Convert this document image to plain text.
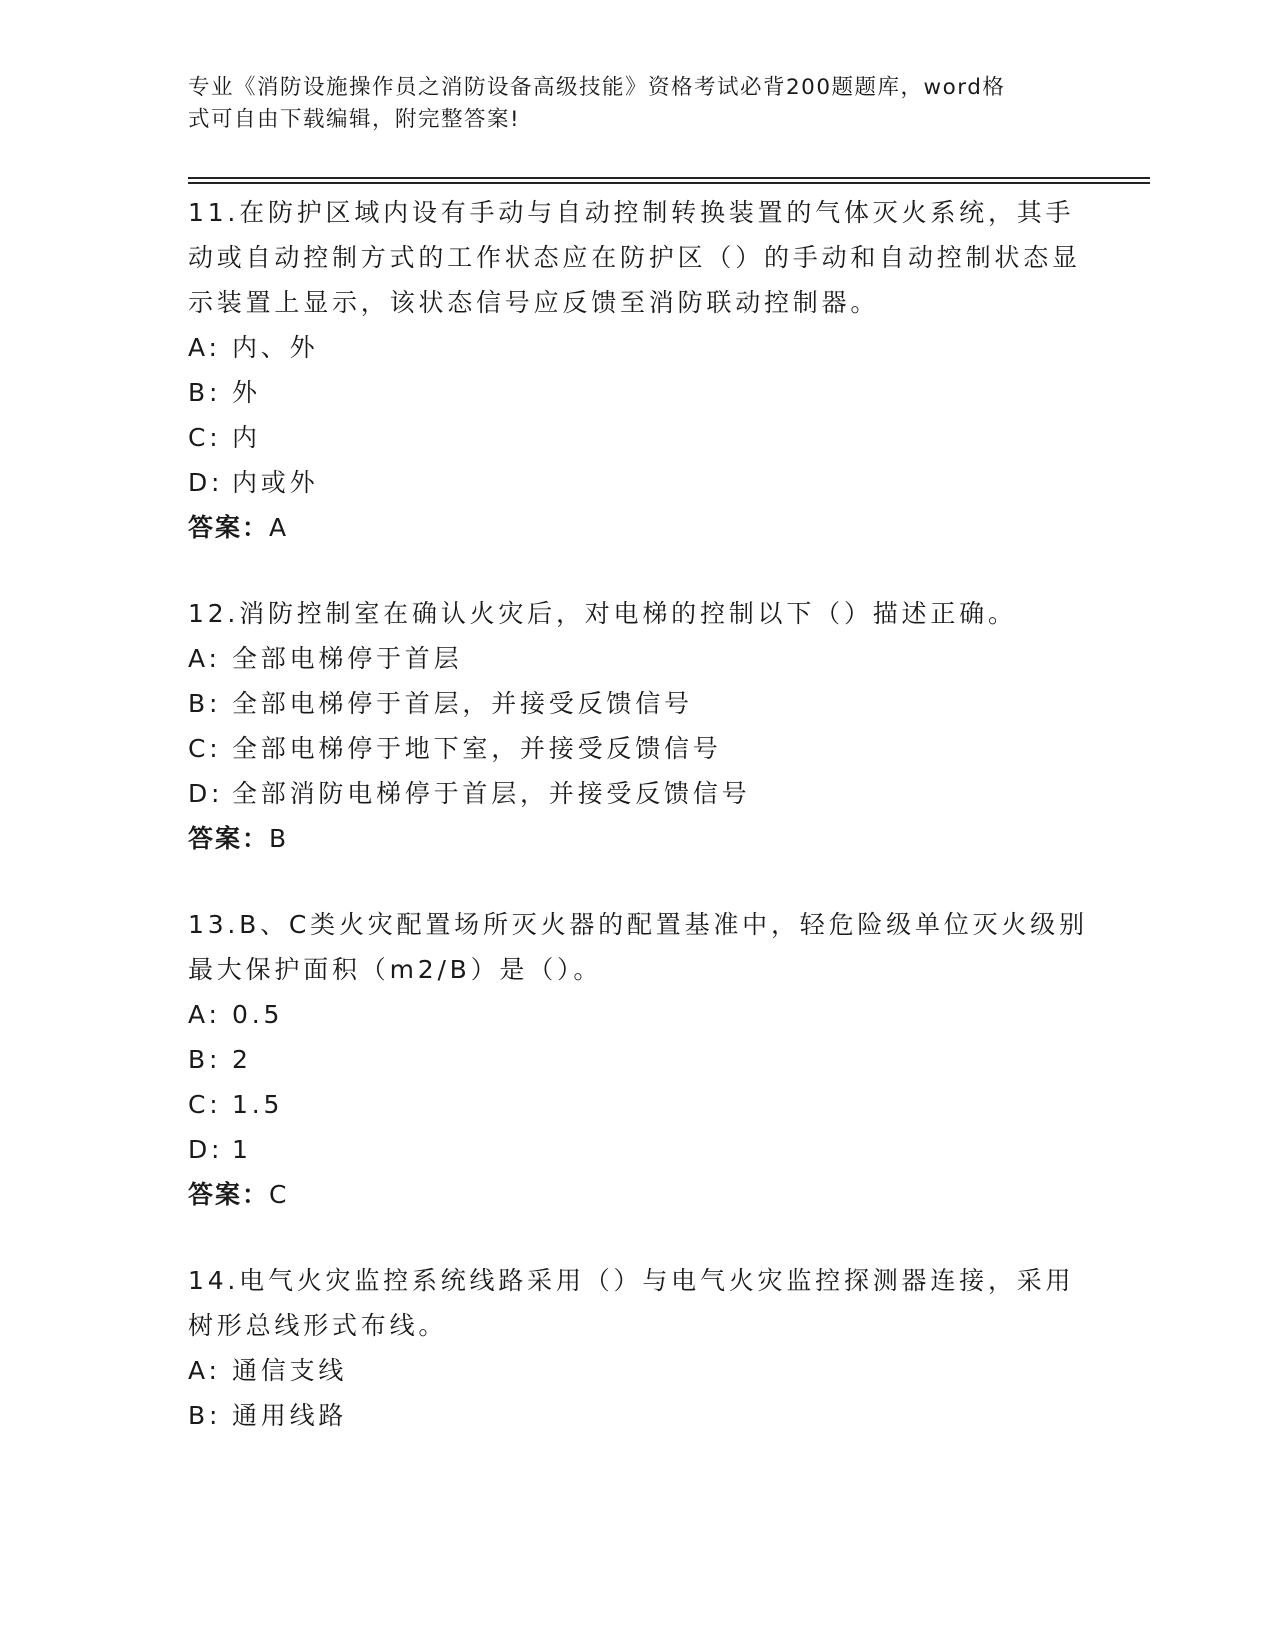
专业《消防设施操作员之消防设备高级技能》资格考试必背200题题库，word格
式可自由下载编辑，附完整答案!

11.在防护区域内设有手动与自动控制转换装置的气体灭火系统，其手动或自动控制方式的工作状态应在防护区（）的手动和自动控制状态显示装置上显示，该状态信号应反馈至消防联动控制器。

A: 内、外
B: 外
C: 内
D: 内或外
答案：A

12.消防控制室在确认火灾后，对电梯的控制以下（）描述正确。

A: 全部电梯停于首层
B: 全部电梯停于首层，并接受反馈信号
C: 全部电梯停于地下室，并接受反馈信号
D: 全部消防电梯停于首层，并接受反馈信号
答案：B

13.B、C类火灾配置场所灭火器的配置基准中，轻危险级单位灭火级别最大保护面积（m2/B）是（）。

A: 0.5
B: 2
C: 1.5
D: 1
答案：C

14.电气火灾监控系统线路采用（）与电气火灾监控探测器连接，采用树形总线形式布线。

A: 通信支线
B: 通用线路
